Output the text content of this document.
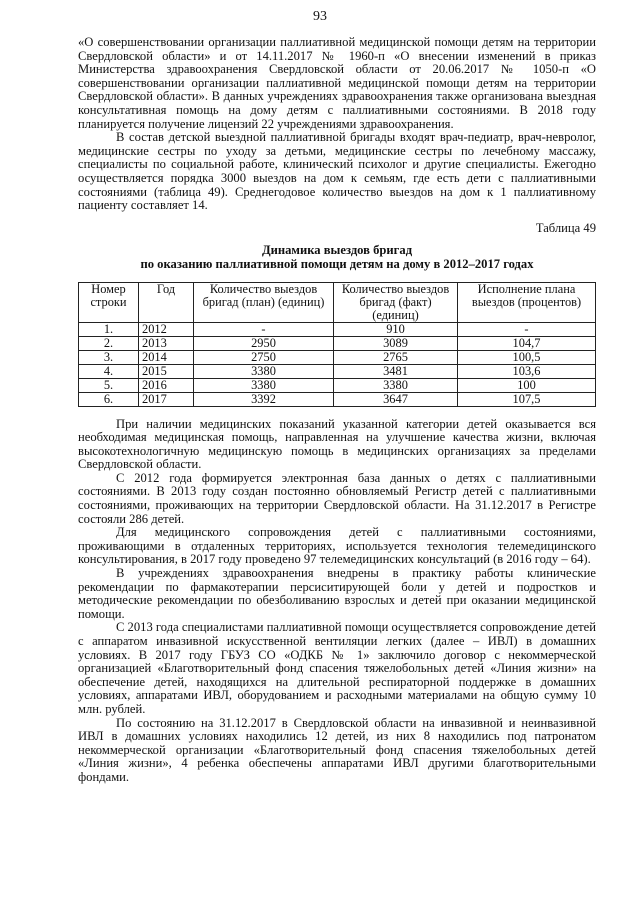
93

«О совершенствовании организации паллиативной медицинской помощи детям на территории Свердловской области» и от 14.11.2017 № 1960-п «О внесении изменений в приказ Министерства здравоохранения Свердловской области от 20.06.2017 № 1050-п «О совершенствовании организации паллиативной медицинской помощи детям на территории Свердловской области». В данных учреждениях здравоохранения также организована выездная консультативная помощь на дому детям с паллиативными состояниями. В 2018 году планируется получение лицензий 22 учреждениями здравоохранения.

В состав детской выездной паллиативной бригады входят врач-педиатр, врач-невролог, медицинские сестры по уходу за детьми, медицинские сестры по лечебному массажу, специалисты по социальной работе, клинический психолог и другие специалисты. Ежегодно осуществляется порядка 3000 выездов на дом к семьям, где есть дети с паллиативными состояниями (таблица 49). Среднегодовое количество выездов на дом к 1 паллиативному пациенту составляет 14.

Таблица 49
Динамика выездов бригад
по оказанию паллиативной помощи детям на дому в 2012–2017 годах
Номер строки	Год	Количество выездов бригад (план) (единиц)	Количество выездов бригад (факт) (единиц)	Исполнение плана выездов (процентов)
1.	2012	-	910	-
2.	2013	2950	3089	104,7
3.	2014	2750	2765	100,5
4.	2015	3380	3481	103,6
5.	2016	3380	3380	100
6.	2017	3392	3647	107,5

При наличии медицинских показаний указанной категории детей оказывается вся необходимая медицинская помощь, направленная на улучшение качества жизни, включая высокотехнологичную медицинскую помощь в медицинских организациях за пределами Свердловской области.

С 2012 года формируется электронная база данных о детях с паллиативными состояниями. В 2013 году создан постоянно обновляемый Регистр детей с паллиативными состояниями, проживающих на территории Свердловской области. На 31.12.2017 в Регистре состояли 286 детей.

Для медицинского сопровождения детей с паллиативными состояниями, проживающими в отдаленных территориях, используется технология телемедицинского консультирования, в 2017 году проведено 97 телемедицинских консультаций (в 2016 году – 64).

В учреждениях здравоохранения внедрены в практику работы клинические рекомендации по фармакотерапии персиситирующей боли у детей и подростков и методические рекомендации по обезболиванию взрослых и детей при оказании медицинской помощи.

С 2013 года специалистами паллиативной помощи осуществляется сопровождение детей с аппаратом инвазивной искусственной вентиляции легких (далее – ИВЛ) в домашних условиях. В 2017 году ГБУЗ СО «ОДКБ № 1» заключило договор с некоммерческой организацией «Благотворительный фонд спасения тяжелобольных детей «Линия жизни» на обеспечение детей, находящихся на длительной респираторной поддержке в домашних условиях, аппаратами ИВЛ, оборудованием и расходными материалами на общую сумму 10 млн. рублей.

По состоянию на 31.12.2017 в Свердловской области на инвазивной и неинвазивной ИВЛ в домашних условиях находились 12 детей, из них 8 находились под патронатом некоммерческой организации «Благотворительный фонд спасения тяжелобольных детей «Линия жизни», 4 ребенка обеспечены аппаратами ИВЛ другими благотворительными фондами.
